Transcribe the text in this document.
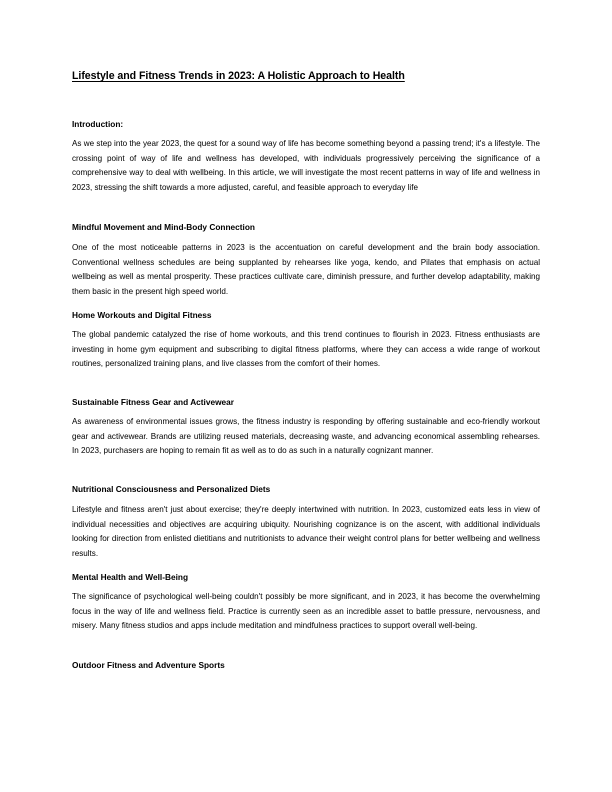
Lifestyle and Fitness Trends in 2023: A Holistic Approach to Health
Introduction:

As we step into the year 2023, the quest for a sound way of life has become something beyond a passing trend; it's a lifestyle. The crossing point of way of life and wellness has developed, with individuals progressively perceiving the significance of a comprehensive way to deal with wellbeing. In this article, we will investigate the most recent patterns in way of life and wellness in 2023, stressing the shift towards a more adjusted, careful, and feasible approach to everyday life

Mindful Movement and Mind-Body Connection

One of the most noticeable patterns in 2023 is the accentuation on careful development and the brain body association. Conventional wellness schedules are being supplanted by rehearses like yoga, kendo, and Pilates that emphasis on actual wellbeing as well as mental prosperity. These practices cultivate care, diminish pressure, and further develop adaptability, making them basic in the present high speed world.

Home Workouts and Digital Fitness

The global pandemic catalyzed the rise of home workouts, and this trend continues to flourish in 2023. Fitness enthusiasts are investing in home gym equipment and subscribing to digital fitness platforms, where they can access a wide range of workout routines, personalized training plans, and live classes from the comfort of their homes.

Sustainable Fitness Gear and Activewear

As awareness of environmental issues grows, the fitness industry is responding by offering sustainable and eco-friendly workout gear and activewear. Brands are utilizing reused materials, decreasing waste, and advancing economical assembling rehearses. In 2023, purchasers are hoping to remain fit as well as to do as such in a naturally cognizant manner.

Nutritional Consciousness and Personalized Diets

Lifestyle and fitness aren't just about exercise; they're deeply intertwined with nutrition. In 2023, customized eats less in view of individual necessities and objectives are acquiring ubiquity. Nourishing cognizance is on the ascent, with additional individuals looking for direction from enlisted dietitians and nutritionists to advance their weight control plans for better wellbeing and wellness results.

Mental Health and Well-Being

The significance of psychological well-being couldn't possibly be more significant, and in 2023, it has become the overwhelming focus in the way of life and wellness field. Practice is currently seen as an incredible asset to battle pressure, nervousness, and misery. Many fitness studios and apps include meditation and mindfulness practices to support overall well-being.

Outdoor Fitness and Adventure Sports
